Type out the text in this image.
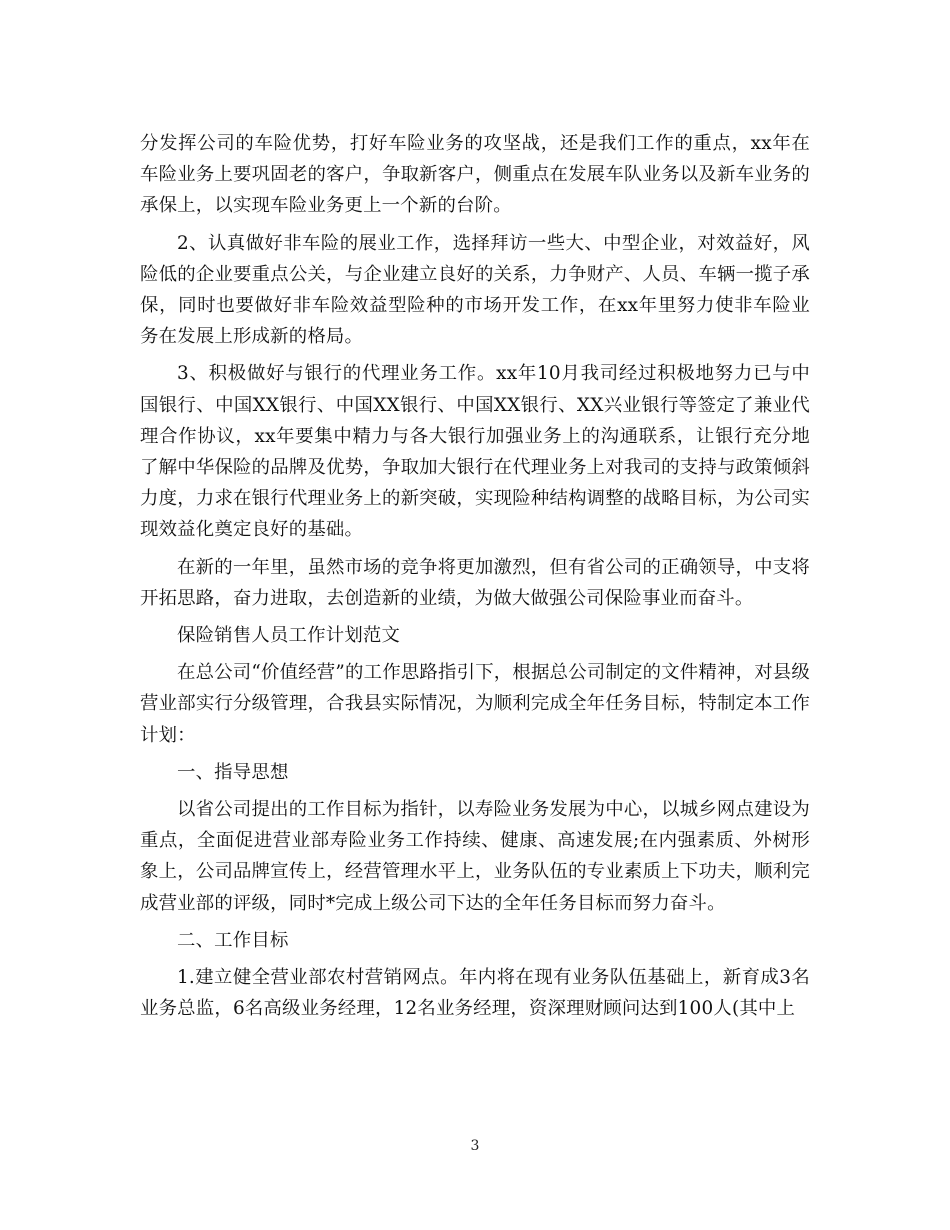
分发挥公司的车险优势，打好车险业务的攻坚战，还是我们工作的重点，xx年在车险业务上要巩固老的客户，争取新客户，侧重点在发展车队业务以及新车业务的承保上，以实现车险业务更上一个新的台阶。

2、认真做好非车险的展业工作，选择拜访一些大、中型企业，对效益好，风险低的企业要重点公关，与企业建立良好的关系，力争财产、人员、车辆一揽子承保，同时也要做好非车险效益型险种的市场开发工作，在xx年里努力使非车险业务在发展上形成新的格局。

3、积极做好与银行的代理业务工作。xx年10月我司经过积极地努力已与中国银行、中国XX银行、中国XX银行、中国XX银行、XX兴业银行等签定了兼业代理合作协议，xx年要集中精力与各大银行加强业务上的沟通联系，让银行充分地了解中华保险的品牌及优势，争取加大银行在代理业务上对我司的支持与政策倾斜力度，力求在银行代理业务上的新突破，实现险种结构调整的战略目标，为公司实现效益化奠定良好的基础。

在新的一年里，虽然市场的竞争将更加激烈，但有省公司的正确领导，中支将开拓思路，奋力进取，去创造新的业绩，为做大做强公司保险事业而奋斗。

保险销售人员工作计划范文

在总公司“价值经营”的工作思路指引下，根据总公司制定的文件精神，对县级营业部实行分级管理，合我县实际情况，为顺利完成全年任务目标，特制定本工作计划：

一、指导思想

以省公司提出的工作目标为指针，以寿险业务发展为中心，以城乡网点建设为重点，全面促进营业部寿险业务工作持续、健康、高速发展;在内强素质、外树形象上，公司品牌宣传上，经营管理水平上，业务队伍的专业素质上下功夫，顺利完成营业部的评级，同时*完成上级公司下达的全年任务目标而努力奋斗。

二、工作目标

1.建立健全营业部农村营销网点。年内将在现有业务队伍基础上，新育成3名业务总监，6名高级业务经理，12名业务经理，资深理财顾问达到100人(其中上

3
